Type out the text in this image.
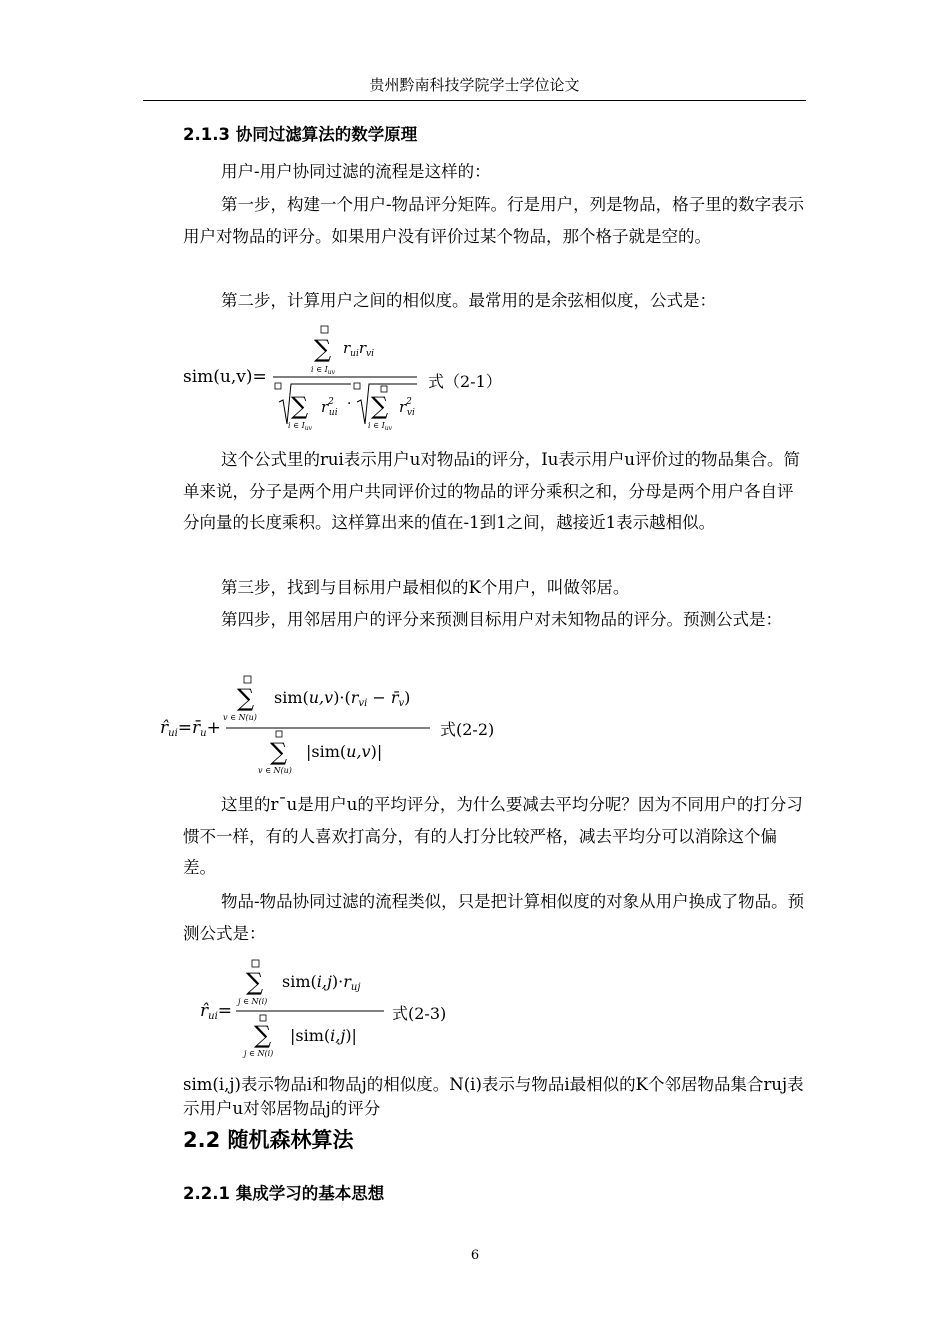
贵州黔南科技学院学士学位论文
2.1.3 协同过滤算法的数学原理

用户-用户协同过滤的流程是这样的：

第一步，构建一个用户-物品评分矩阵。行是用户，列是物品，格子里的数字表示用户对物品的评分。如果用户没有评价过某个物品，那个格子就是空的。

第二步，计算用户之间的相似度。最常用的是余弦相似度，公式是：

sim(u,v)=
∑
i ∈ $I_{uv}$
$r_{ui}r_{vi}$
∑
i ∈ $I_{uv}$
$r^2$ ui
· ∑
i ∈ $I_{uv}$
$r^2$ vi
式（2-1）

这个公式里的rui表示用户u对物品i的评分，Iu表示用户u评价过的物品集合。简单来说，分子是两个用户共同评价过的物品的评分乘积之和，分母是两个用户各自评分向量的长度乘积。这样算出来的值在-1到1之间，越接近1表示越相似。

第三步，找到与目标用户最相似的K个用户，叫做邻居。

第四步，用邻居用户的评分来预测目标用户对未知物品的评分。预测公式是：

r̂ui=r̄u+
∑
v ∈ N(u)
sim(u,v)·(rvi − r̄v)
∑
v ∈ N(u)
|sim(u,v)|
式(2-2)

这里的r¯u是用户u的平均评分，为什么要减去平均分呢？因为不同用户的打分习惯不一样，有的人喜欢打高分，有的人打分比较严格，减去平均分可以消除这个偏差。

物品-物品协同过滤的流程类似，只是把计算相似度的对象从用户换成了物品。预测公式是：

r̂ui=
∑
j ∈ N(i)
sim(i,j)·ruj
∑
j ∈ N(i)
|sim(i,j)|
式(2-3)

sim(i,j)表示物品i和物品j的相似度。N(i)表示与物品i最相似的K个邻居物品集合ruj表示用户u对邻居物品j的评分

2.2 随机森林算法
2.2.1 集成学习的基本思想
6
